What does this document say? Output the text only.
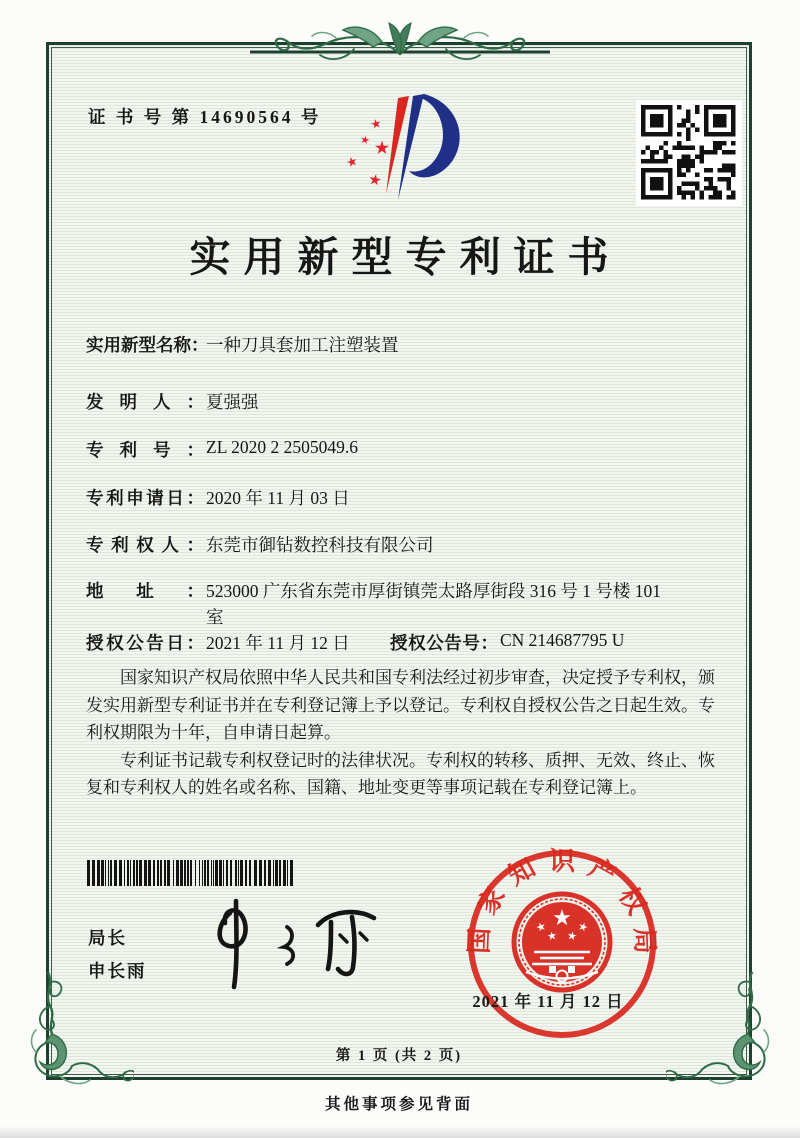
证 书 号 第 14690564 号
实用新型专利证书
实用新型名称：一种刀具套加工注塑装置
发明人： 夏强强
专利号： ZL 2020 2 2505049.6
专利申请日： 2020 年 11 月 03 日
专利权人： 东莞市御钻数控科技有限公司
地址： 523000 广东省东莞市厚街镇莞太路厚街段 316 号 1 号楼 101 室
授权公告日： 2021 年 11 月 12 日 授权公告号： CN 214687795 U

国家知识产权局依照中华人民共和国专利法经过初步审查，决定授予专利权，颁发实用新型专利证书并在专利登记簿上予以登记。专利权自授权公告之日起生效。专利权期限为十年，自申请日起算。

专利证书记载专利权登记时的法律状况。专利权的转移、质押、无效、终止、恢复和专利权人的姓名或名称、国籍、地址变更等事项记载在专利登记簿上。

局长
申长雨
国家知识产权局
2021 年 11 月 12 日
第 1 页 (共 2 页)
其他事项参见背面
